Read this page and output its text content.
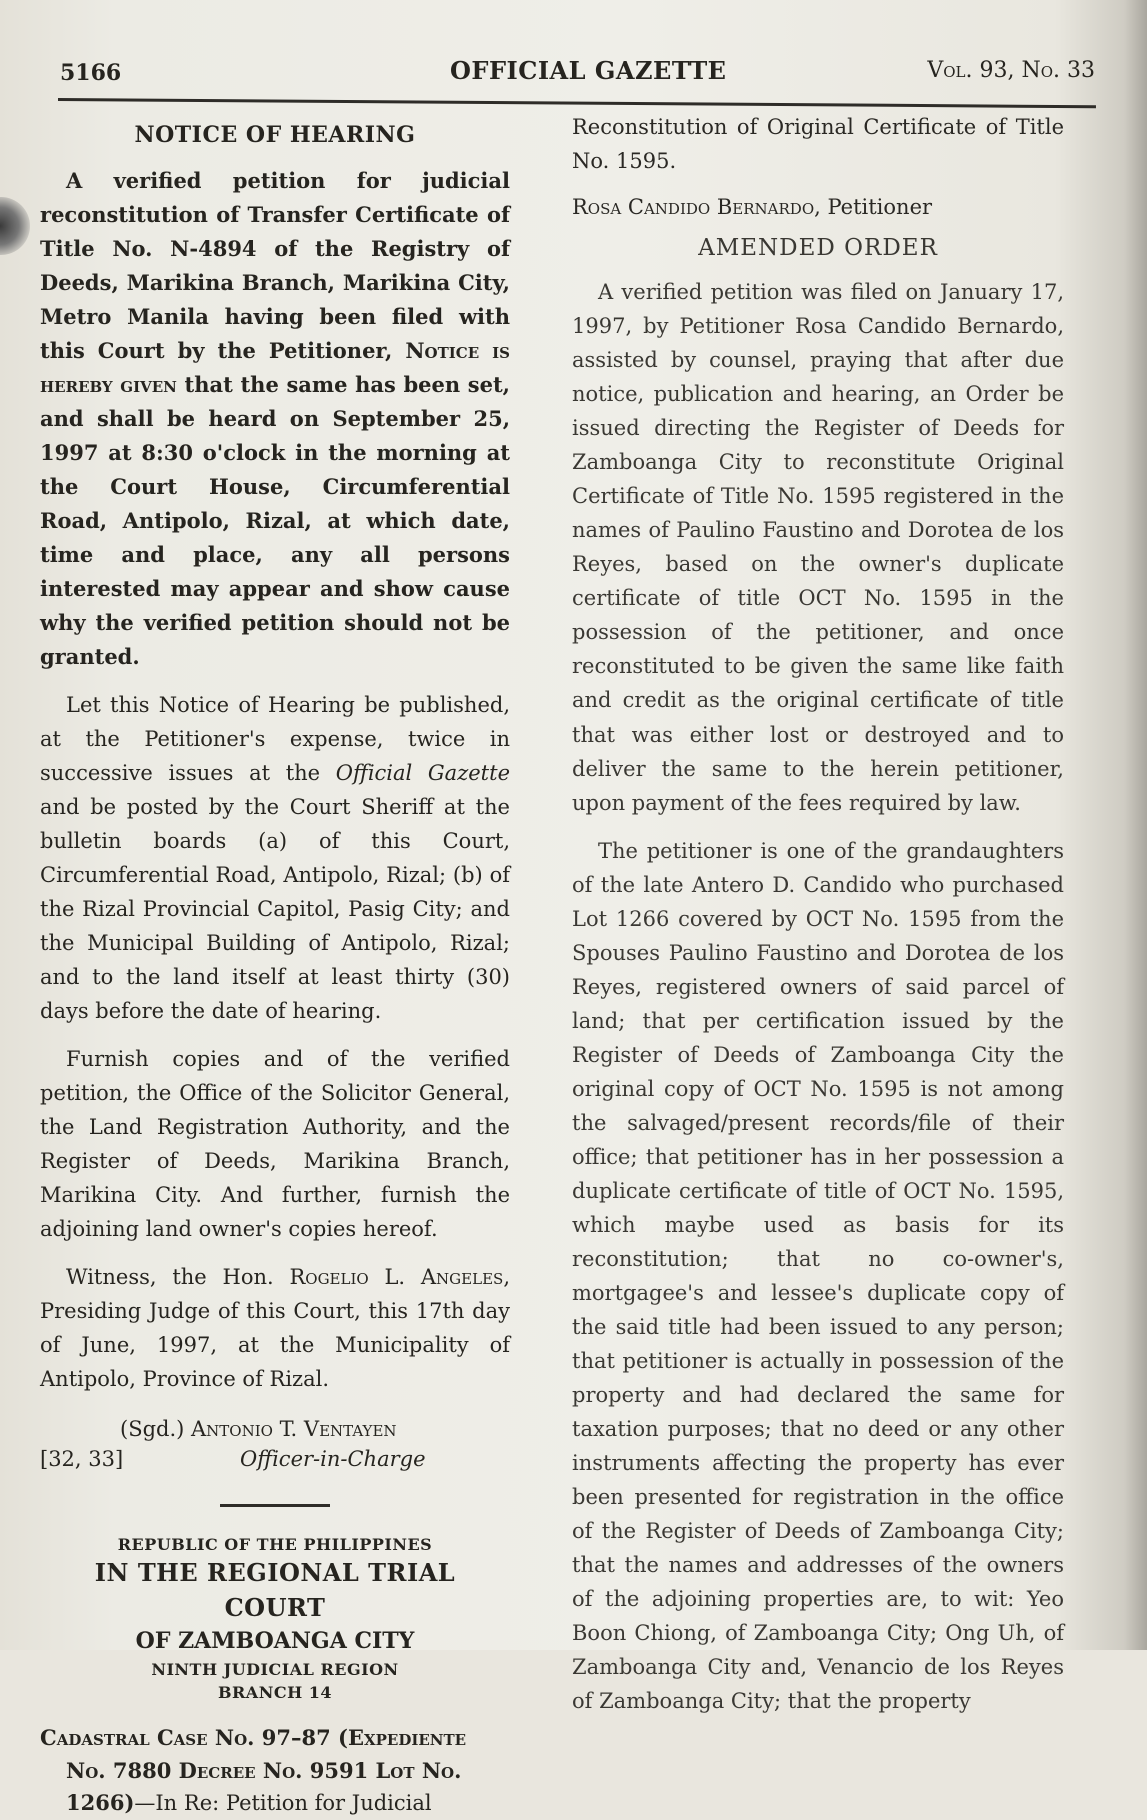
5166	OFFICIAL GAZETTE	Vol. 93, No. 33
NOTICE OF HEARING

A verified petition for judicial reconstitution of Transfer Certificate of Title No. N-4894 of the Registry of Deeds, Marikina Branch, Marikina City, Metro Manila having been filed with this Court by the Petitioner, Notice is hereby given that the same has been set, and shall be heard on September 25, 1997 at 8:30 o'clock in the morning at the Court House, Circumferential Road, Antipolo, Rizal, at which date, time and place, any all persons interested may appear and show cause why the verified petition should not be granted.

Let this Notice of Hearing be published, at the Petitioner's expense, twice in successive issues at the Official Gazette and be posted by the Court Sheriff at the bulletin boards (a) of this Court, Circumferential Road, Antipolo, Rizal; (b) of the Rizal Provincial Capitol, Pasig City; and the Municipal Building of Antipolo, Rizal; and to the land itself at least thirty (30) days before the date of hearing.

Furnish copies and of the verified petition, the Office of the Solicitor General, the Land Registration Authority, and the Register of Deeds, Marikina Branch, Marikina City. And further, furnish the adjoining land owner's copies hereof.

Witness, the Hon. Rogelio L. Angeles, Presiding Judge of this Court, this 17th day of June, 1997, at the Municipality of Antipolo, Province of Rizal.

(Sgd.) Antonio T. Ventayen
[32, 33]	Officer-in-Charge
REPUBLIC OF THE PHILIPPINES
IN THE REGIONAL TRIAL COURT
OF ZAMBOANGA CITY
NINTH JUDICIAL REGION
BRANCH 14
Cadastral Case No. 97–87 (Expediente No. 7880 Decree No. 9591 Lot No. 1266)—In Re: Petition for Judicial

Reconstitution of Original Certificate of Title No. 1595.

Rosa Candido Bernardo, Petitioner
AMENDED ORDER

A verified petition was filed on January 17, 1997, by Petitioner Rosa Candido Bernardo, assisted by counsel, praying that after due notice, publication and hearing, an Order be issued directing the Register of Deeds for Zamboanga City to reconstitute Original Certificate of Title No. 1595 registered in the names of Paulino Faustino and Dorotea de los Reyes, based on the owner's duplicate certificate of title OCT No. 1595 in the possession of the petitioner, and once reconstituted to be given the same like faith and credit as the original certificate of title that was either lost or destroyed and to deliver the same to the herein petitioner, upon payment of the fees required by law.

The petitioner is one of the grandaughters of the late Antero D. Candido who purchased Lot 1266 covered by OCT No. 1595 from the Spouses Paulino Faustino and Dorotea de los Reyes, registered owners of said parcel of land; that per certification issued by the Register of Deeds of Zamboanga City the original copy of OCT No. 1595 is not among the salvaged/present records/file of their office; that petitioner has in her possession a duplicate certificate of title of OCT No. 1595, which maybe used as basis for its reconstitution; that no co-owner's, mortgagee's and lessee's duplicate copy of the said title had been issued to any person; that petitioner is actually in possession of the property and had declared the same for taxation purposes; that no deed or any other instruments affecting the property has ever been presented for registration in the office of the Register of Deeds of Zamboanga City; that the names and addresses of the owners of the adjoining properties are, to wit: Yeo Boon Chiong, of Zamboanga City; Ong Uh, of Zamboanga City and, Venancio de los Reyes of Zamboanga City; that the property
